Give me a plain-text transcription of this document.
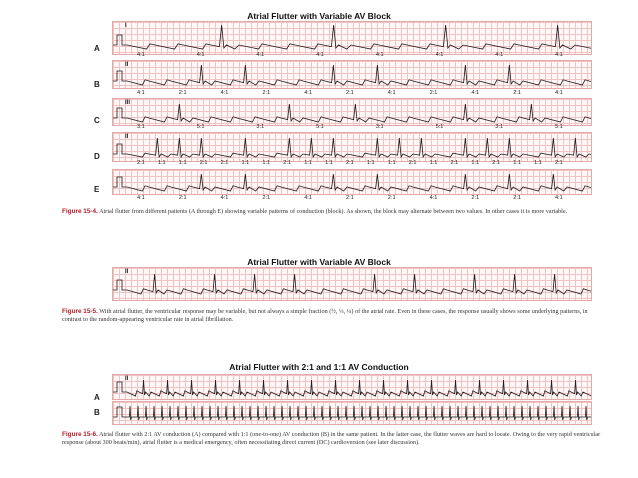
Atrial Flutter with Variable AV Block
A
I
4:1	4:1	4:1	4:1	4:1	4:1	4:1	4:1
B
II
4:1	2:1	4:1	2:1	4:1	2:1	4:1	2:1	4:1	2:1	4:1
C
III
3:1	5:1	3:1	5:1	3:1	5:1	3:1	5:1
D
II
2:1 1:1 1:1 2:1 2:1 1:1 1:1 2:1 1:1 1:1 2:1 1:1 1:1 2:1 1:1 2:1 1:1 2:1 1:1 1:1 2:1
E
4:1	2:1	4:1	2:1	4:1	2:1	2:1	4:1	2:1	2:1	4:1
Figure 15-4. Atrial flutter from different patients (A through E) showing variable patterns of conduction (block). As shown, the block may alternate between two values. In other cases it is more variable.
Atrial Flutter with Variable AV Block
II
Figure 15-5. With atrial flutter, the ventricular response may be variable, but not always a simple fraction (½, ⅓, ¼) of the atrial rate. Even in these cases, the response usually shows some underlying patterns, in contrast to the random-appearing ventricular rate in atrial fibrillation.
Atrial Flutter with 2:1 and 1:1 AV Conduction
A
II
B
Figure 15-6. Atrial flutter with 2:1 AV conduction (A) compared with 1:1 (one-to-one) AV conduction (B) in the same patient. In the latter case, the flutter waves are hard to locate. Owing to the very rapid ventricular response (about 300 beats/min), atrial flutter is a medical emergency, often necessitating direct current (DC) cardioversion (see later discussion).
